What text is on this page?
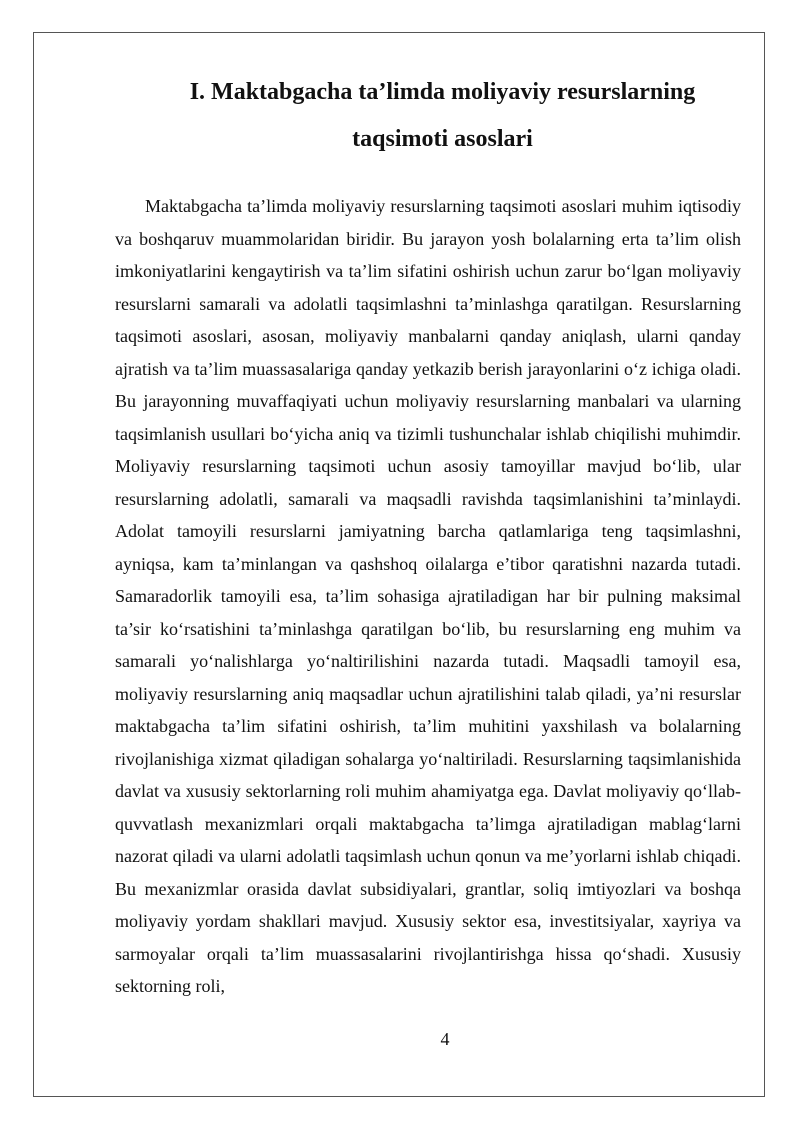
I. Maktabgacha ta’limda moliyaviy resurslarning
taqsimoti asoslari

Maktabgacha ta’limda moliyaviy resurslarning taqsimoti asoslari muhim iqtisodiy va boshqaruv muammolaridan biridir. Bu jarayon yosh bolalarning erta ta’lim olish imkoniyatlarini kengaytirish va ta’lim sifatini oshirish uchun zarur bo‘lgan moliyaviy resurslarni samarali va adolatli taqsimlashni ta’minlashga qaratilgan. Resurslarning taqsimoti asoslari, asosan, moliyaviy manbalarni qanday aniqlash, ularni qanday ajratish va ta’lim muassasalariga qanday yetkazib berish jarayonlarini o‘z ichiga oladi. Bu jarayonning muvaffaqiyati uchun moliyaviy resurslarning manbalari va ularning taqsimlanish usullari bo‘yicha aniq va tizimli tushunchalar ishlab chiqilishi muhimdir. Moliyaviy resurslarning taqsimoti uchun asosiy tamoyillar mavjud bo‘lib, ular resurslarning adolatli, samarali va maqsadli ravishda taqsimlanishini ta’minlaydi. Adolat tamoyili resurslarni jamiyatning barcha qatlamlariga teng taqsimlashni, ayniqsa, kam ta’minlangan va qashshoq oilalarga e’tibor qaratishni nazarda tutadi. Samaradorlik tamoyili esa, ta’lim sohasiga ajratiladigan har bir pulning maksimal ta’sir ko‘rsatishini ta’minlashga qaratilgan bo‘lib, bu resurslarning eng muhim va samarali yo‘nalishlarga yo‘naltirilishini nazarda tutadi. Maqsadli tamoyil esa, moliyaviy resurslarning aniq maqsadlar uchun ajratilishini talab qiladi, ya’ni resurslar maktabgacha ta’lim sifatini oshirish, ta’lim muhitini yaxshilash va bolalarning rivojlanishiga xizmat qiladigan sohalarga yo‘naltiriladi. Resurslarning taqsimlanishida davlat va xususiy sektorlarning roli muhim ahamiyatga ega. Davlat moliyaviy qo‘llab-quvvatlash mexanizmlari orqali maktabgacha ta’limga ajratiladigan mablag‘larni nazorat qiladi va ularni adolatli taqsimlash uchun qonun va me’yorlarni ishlab chiqadi. Bu mexanizmlar orasida davlat subsidiyalari, grantlar, soliq imtiyozlari va boshqa moliyaviy yordam shakllari mavjud. Xususiy sektor esa, investitsiyalar, xayriya va sarmoyalar orqali ta’lim muassasalarini rivojlantirishga hissa qo‘shadi. Xususiy sektorning roli,

4
